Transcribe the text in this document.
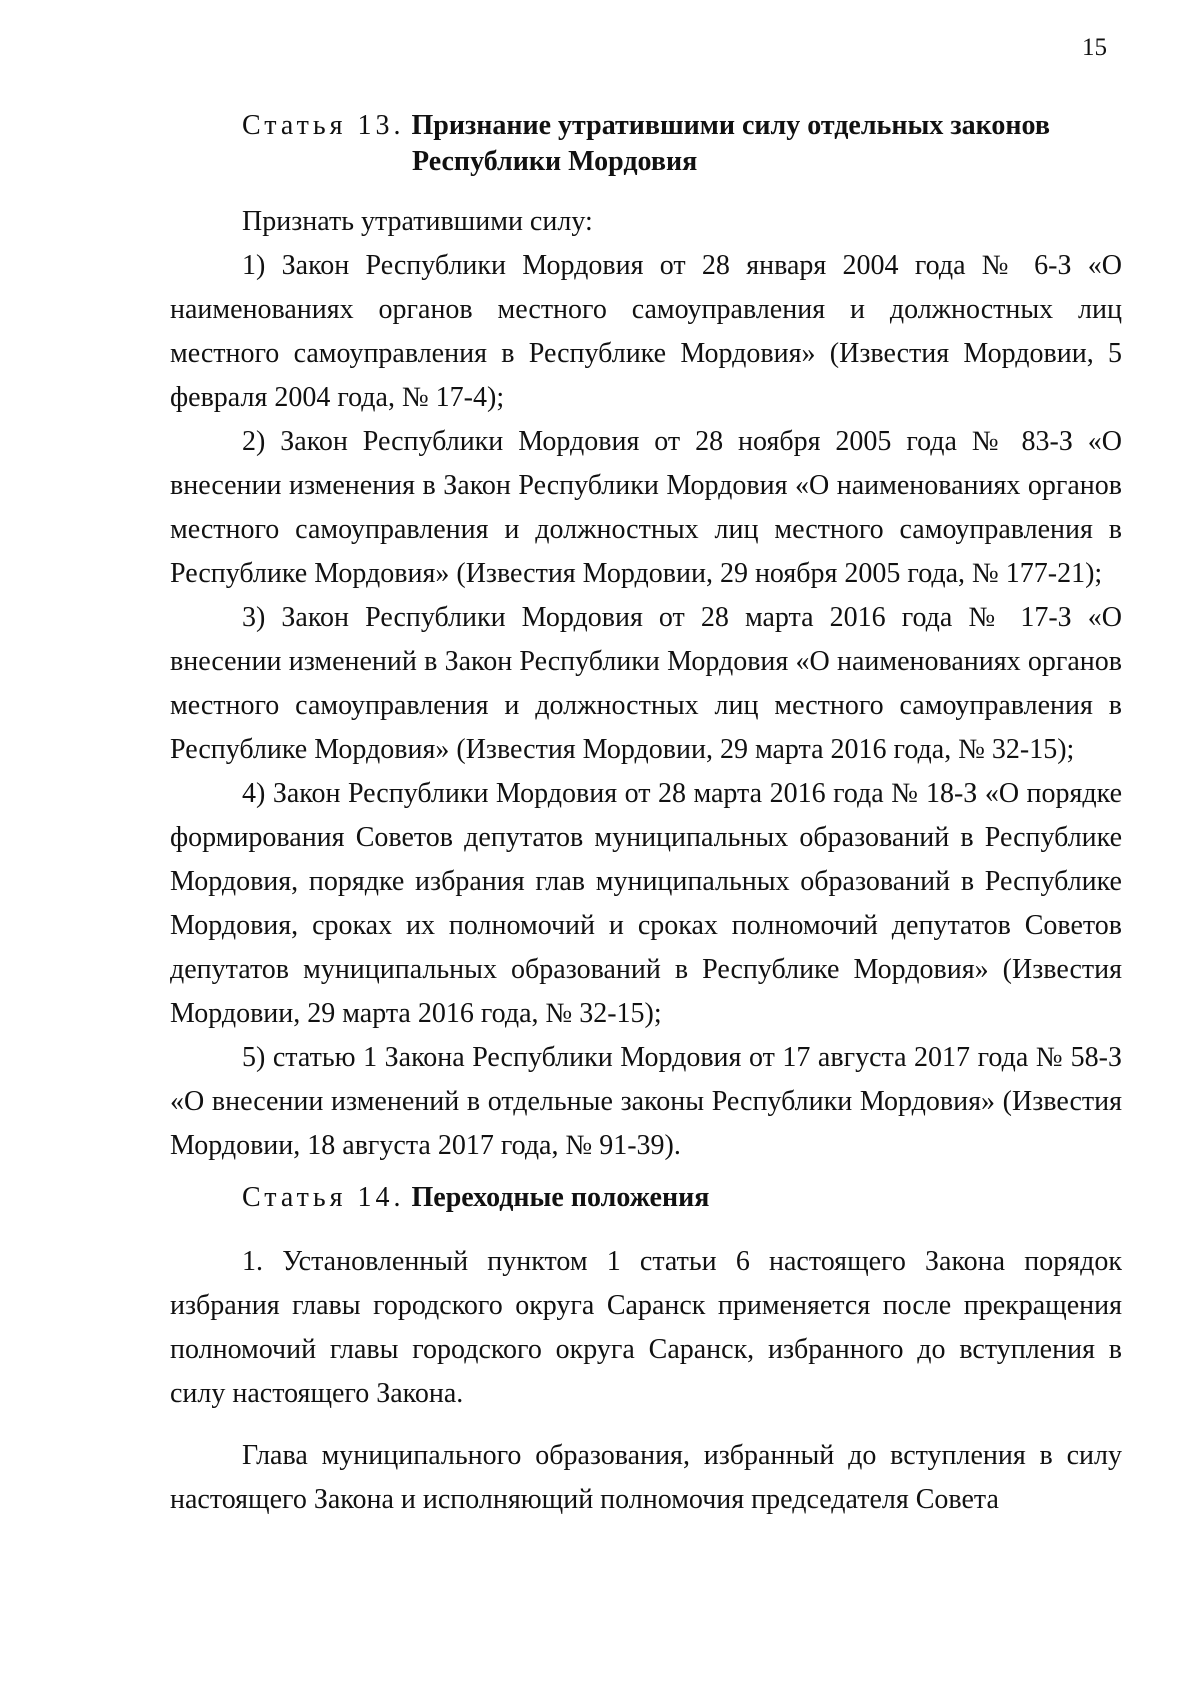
15
Статья 13. Признание утратившими силу отдельных законов
Республики Мордовия

Признать утратившими силу:

1) Закон Республики Мордовия от 28 января 2004 года № 6-З «О наименованиях органов местного самоуправления и должностных лиц местного самоуправления в Республике Мордовия» (Известия Мордовии, 5 февраля 2004 года, № 17-4);

2) Закон Республики Мордовия от 28 ноября 2005 года № 83-З «О внесении изменения в Закон Республики Мордовия «О наименованиях органов местного самоуправления и должностных лиц местного самоуправления в Республике Мордовия» (Известия Мордовии, 29 ноября 2005 года, № 177-21);

3) Закон Республики Мордовия от 28 марта 2016 года № 17-З «О внесении изменений в Закон Республики Мордовия «О наименованиях органов местного самоуправления и должностных лиц местного самоуправления в Республике Мордовия» (Известия Мордовии, 29 марта 2016 года, № 32-15);

4) Закон Республики Мордовия от 28 марта 2016 года № 18-З «О порядке формирования Советов депутатов муниципальных образований в Республике Мордовия, порядке избрания глав муниципальных образований в Республике Мордовия, сроках их полномочий и сроках полномочий депутатов Советов депутатов муниципальных образований в Республике Мордовия» (Известия Мордовии, 29 марта 2016 года, № 32-15);

5) статью 1 Закона Республики Мордовия от 17 августа 2017 года № 58-З «О внесении изменений в отдельные законы Республики Мордовия» (Известия Мордовии, 18 августа 2017 года, № 91-39).

Статья 14. Переходные положения

1. Установленный пунктом 1 статьи 6 настоящего Закона порядок избрания главы городского округа Саранск применяется после прекращения полномочий главы городского округа Саранск, избранного до вступления в силу настоящего Закона.

Глава муниципального образования, избранный до вступления в силу настоящего Закона и исполняющий полномочия председателя Совета
